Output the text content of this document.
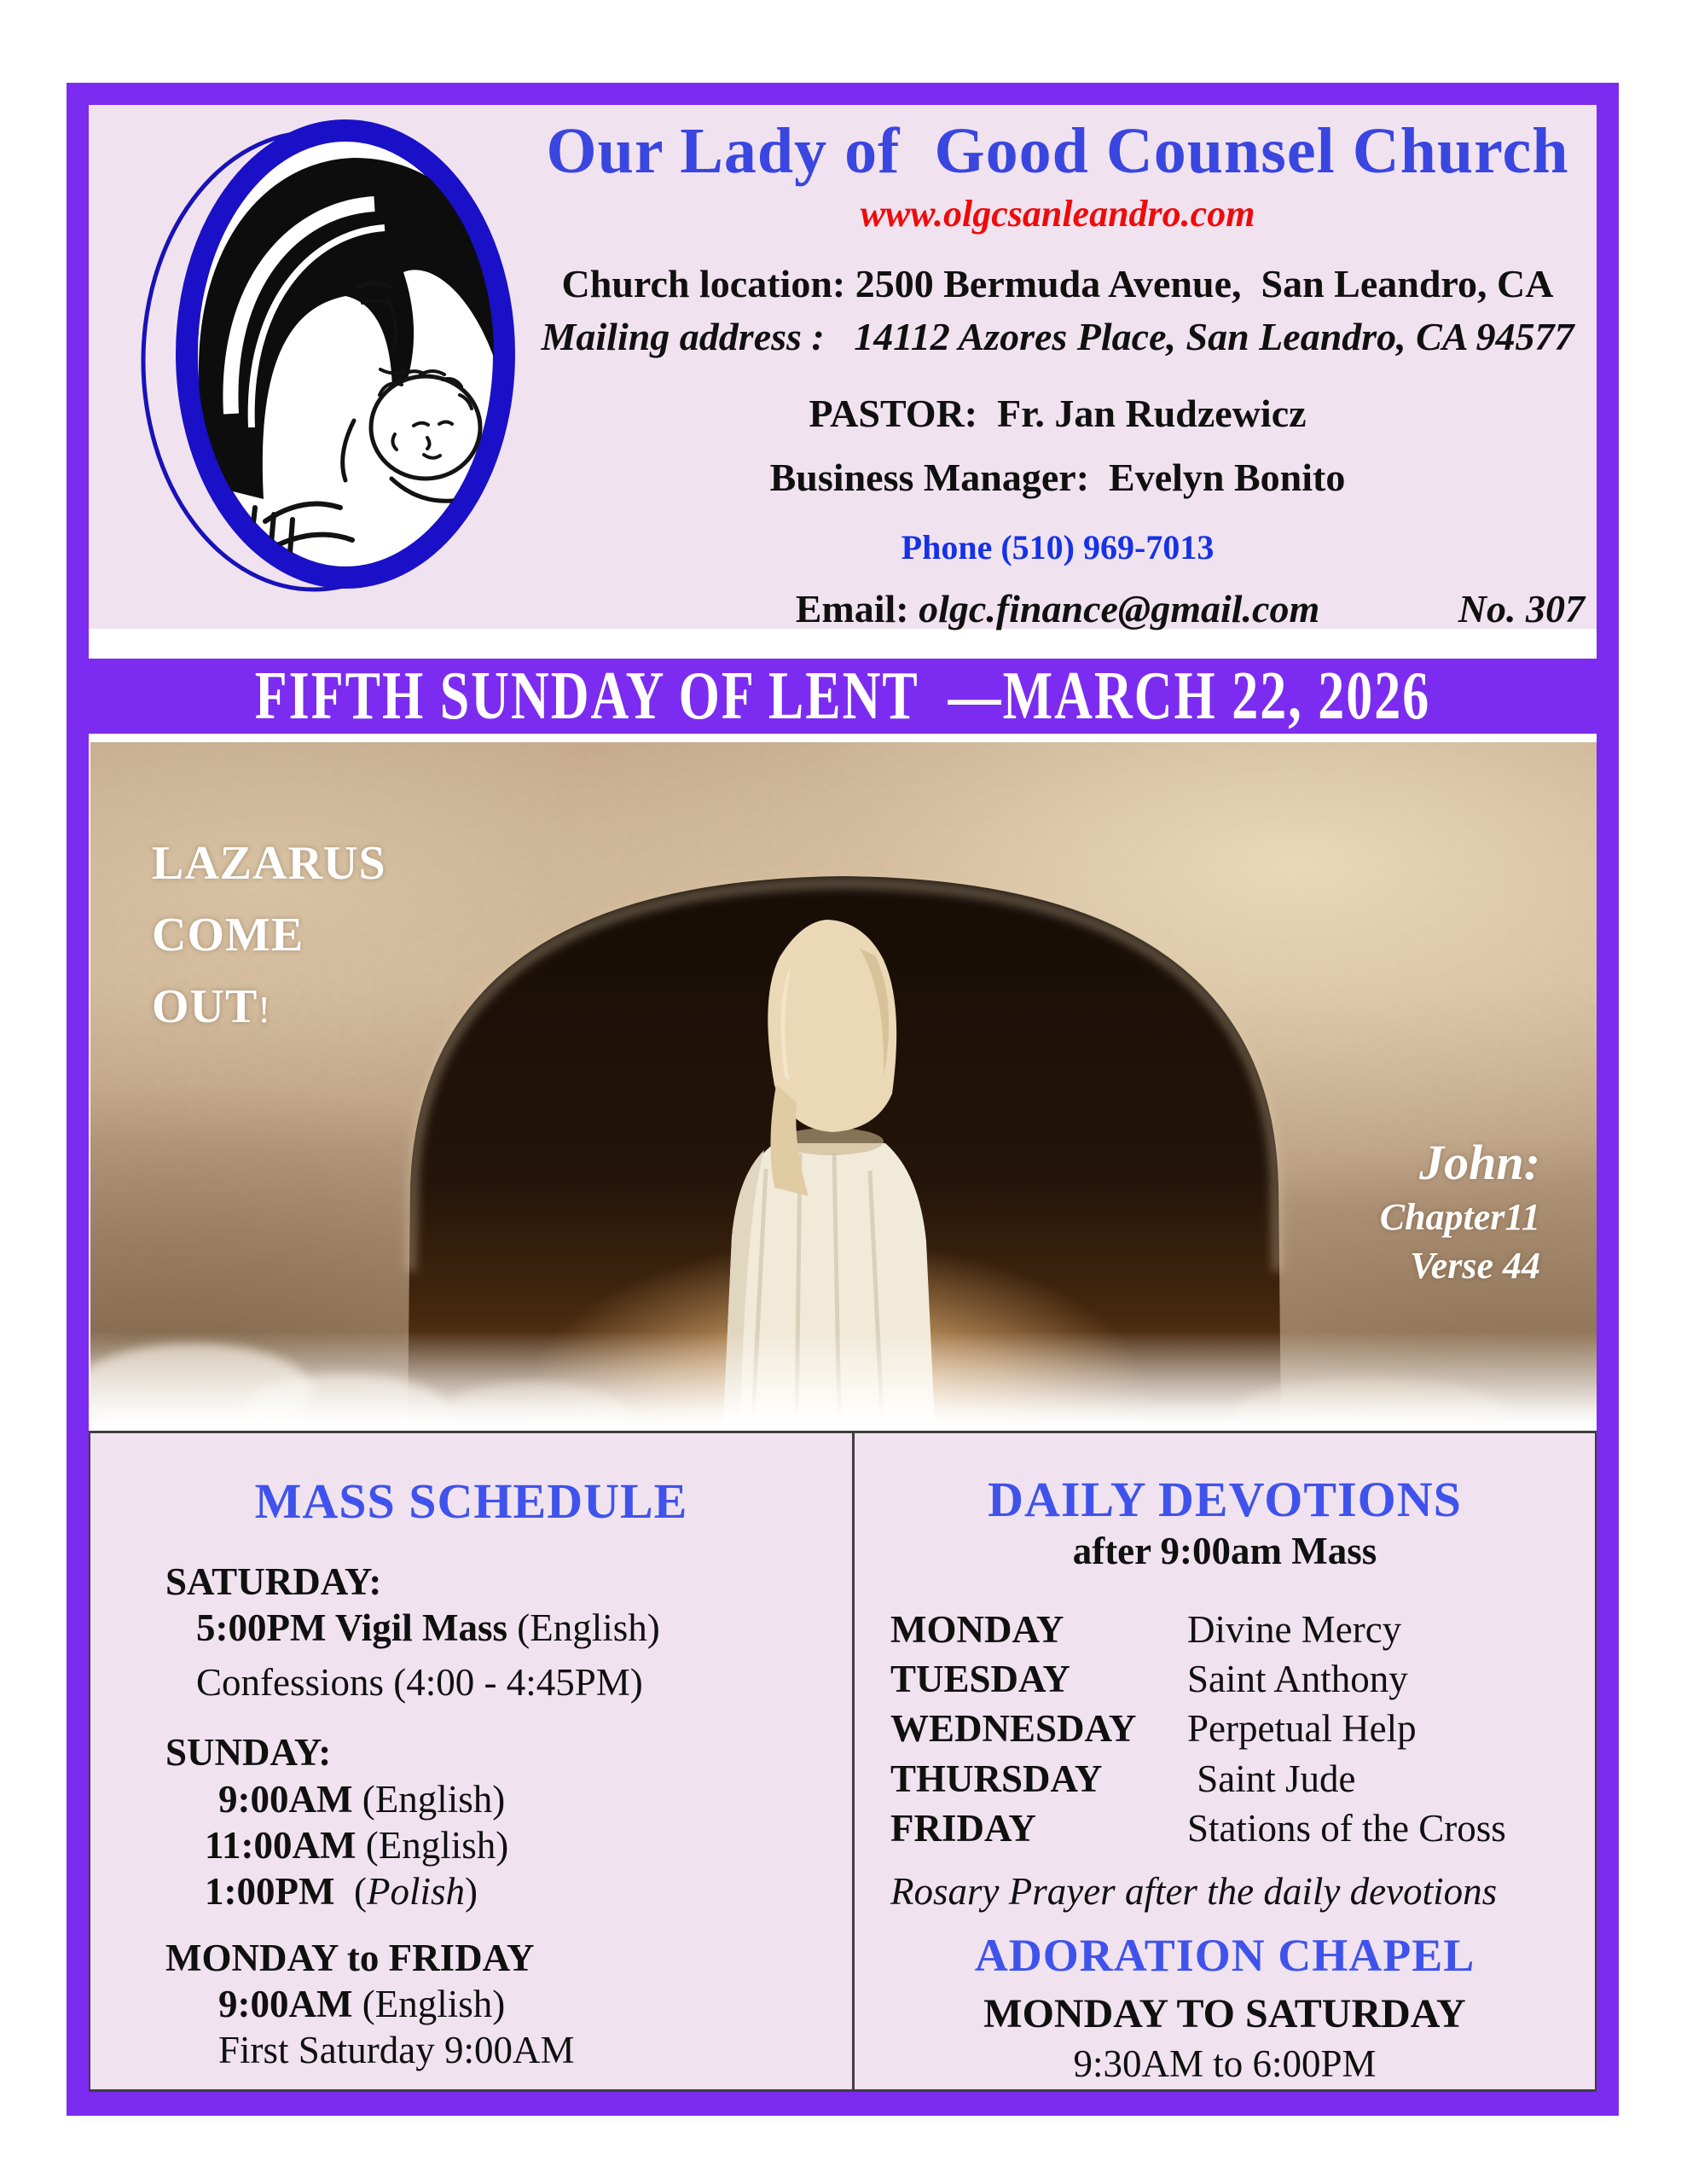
Our Lady of  Good Counsel Church
www.olgcsanleandro.com
Church location: 2500 Bermuda Avenue,  San Leandro, CA
Mailing address :   14112 Azores Place, San Leandro, CA 94577
PASTOR:  Fr. Jan Rudzewicz
Business Manager:  Evelyn Bonito
Phone (510) 969-7013
Email: olgc.finance@gmail.com	No. 307
FIFTH SUNDAY OF LENT  —MARCH 22, 2026
LAZARUS
COME
OUT!
John:
Chapter11
Verse 44
MASS SCHEDULE
SATURDAY:
5:00PM Vigil Mass (English)
Confessions (4:00 - 4:45PM)
SUNDAY:
9:00AM (English)
11:00AM (English)
1:00PM  (Polish)
MONDAY to FRIDAY
9:00AM (English)
First Saturday 9:00AM
DAILY DEVOTIONS
after 9:00am Mass
MONDAY	Divine Mercy
TUESDAY	Saint Anthony
WEDNESDAY	Perpetual Help
THURSDAY	Saint Jude
FRIDAY	Stations of the Cross
Rosary Prayer after the daily devotions
ADORATION CHAPEL
MONDAY TO SATURDAY
9:30AM to 6:00PM
